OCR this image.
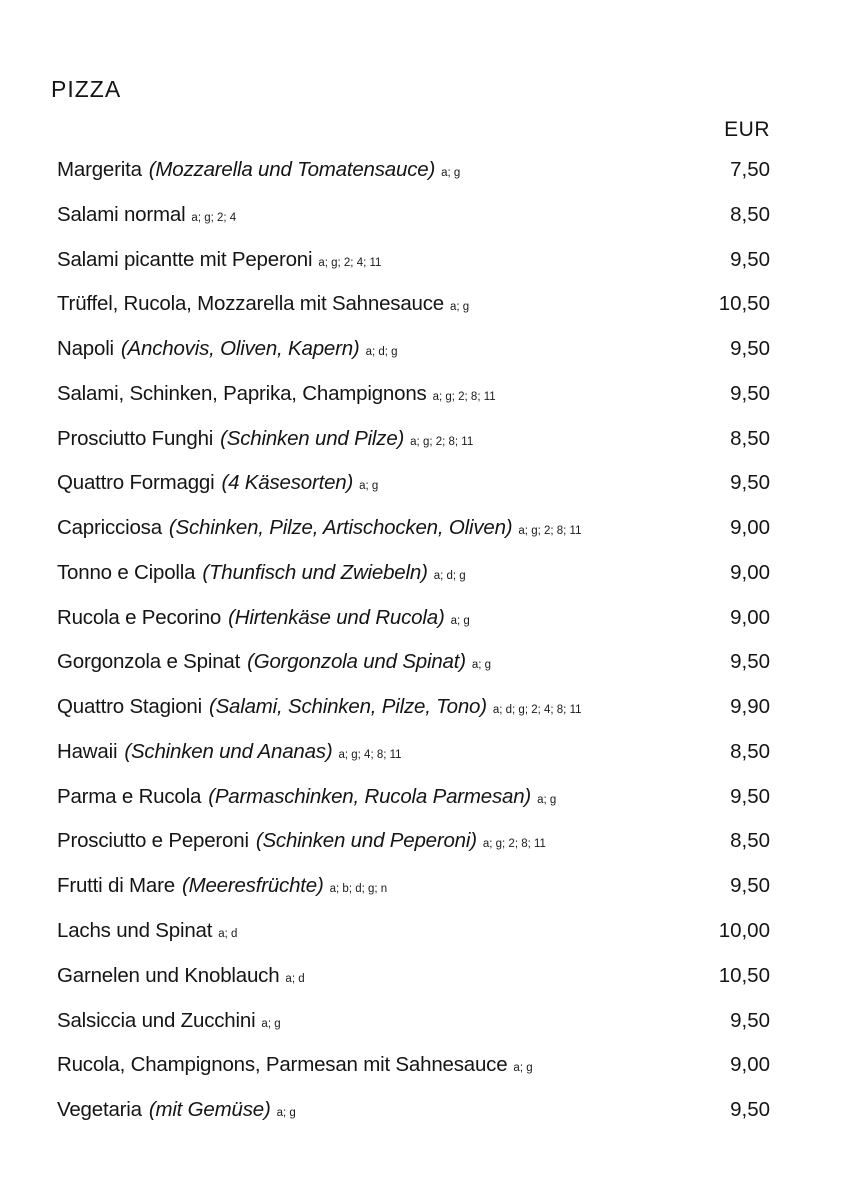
PIZZA
EUR
Margerita (Mozzarella und Tomatensauce) a; g	7,50
Salami normal a; g; 2; 4	8,50
Salami picantte mit Peperoni a; g; 2; 4; 11	9,50
Trüffel, Rucola, Mozzarella mit Sahnesauce a; g	10,50
Napoli (Anchovis, Oliven, Kapern) a; d; g	9,50
Salami, Schinken, Paprika, Champignons a; g; 2; 8; 11	9,50
Prosciutto Funghi (Schinken und Pilze) a; g; 2; 8; 11	8,50
Quattro Formaggi (4 Käsesorten) a; g	9,50
Capricciosa (Schinken, Pilze, Artischocken, Oliven) a; g; 2; 8; 11	9,00
Tonno e Cipolla (Thunfisch und Zwiebeln) a; d; g	9,00
Rucola e Pecorino (Hirtenkäse und Rucola) a; g	9,00
Gorgonzola e Spinat (Gorgonzola und Spinat) a; g	9,50
Quattro Stagioni (Salami, Schinken, Pilze, Tono) a; d; g; 2; 4; 8; 11	9,90
Hawaii (Schinken und Ananas) a; g; 4; 8; 11	8,50
Parma e Rucola (Parmaschinken, Rucola Parmesan) a; g	9,50
Prosciutto e Peperoni (Schinken und Peperoni) a; g; 2; 8; 11	8,50
Frutti di Mare (Meeresfrüchte) a; b; d; g; n	9,50
Lachs und Spinat a; d	10,00
Garnelen und Knoblauch a; d	10,50
Salsiccia und Zucchini a; g	9,50
Rucola, Champignons, Parmesan mit Sahnesauce a; g	9,00
Vegetaria (mit Gemüse) a; g	9,50
